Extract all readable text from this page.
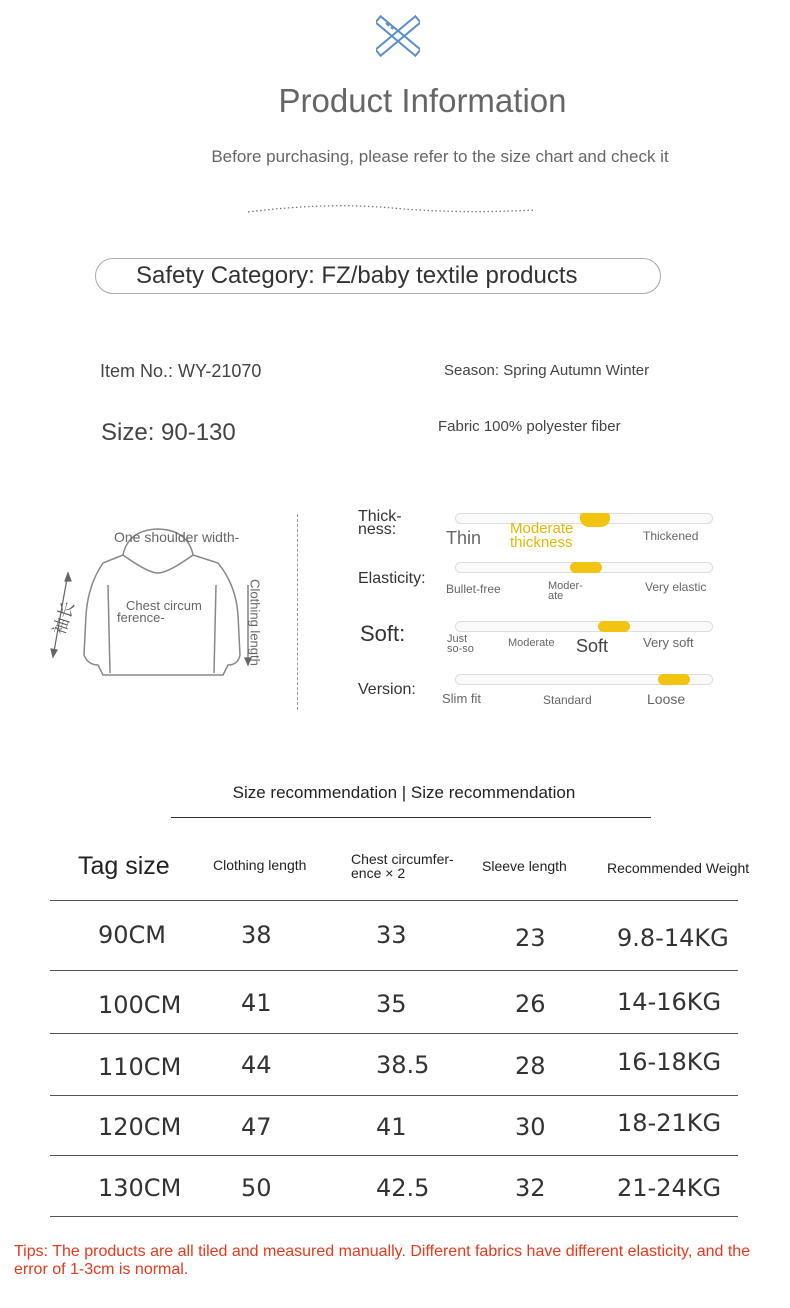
Product Information
Before purchasing, please refer to the size chart and check it
Safety Category: FZ/baby textile products
Item No.: WY-21070	Season: Spring Autumn Winter
Size: 90-130	Fabric 100% polyester fiber
One shoulder width-
Chest circum
ference-	Clothing length
袖长
Thick-
ness:	Thin Moderate
thickness	Thickened
Elasticity:
Bullet-free	Moder-
ate
Very elastic
Soft:	Just
so-so	Moderate Soft	Very soft
Version:
Slim fit	Standard	Loose
Size recommendation | Size recommendation
Tag size	Clothing length	Chest circumfer-
ence × 2	Sleeve length	Recommended Weight
90CM	38	33	23	9.8-14KG
100CM 41	35	26	14-16KG
110CM 44	38.5	28	16-18KG
120CM 47	41	30	18-21KG
130CM 50	42.5	32	21-24KG
Tips: The products are all tiled and measured manually. Different fabrics have different elasticity, and the error of 1-3cm is normal.
